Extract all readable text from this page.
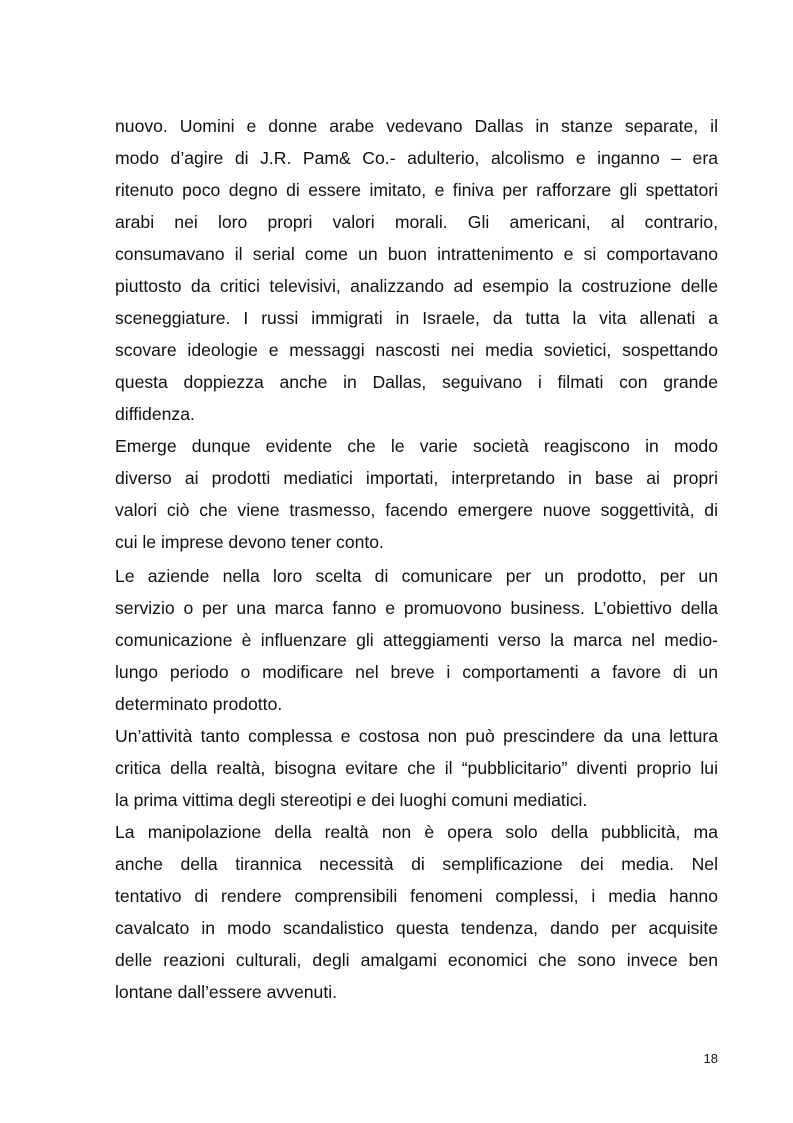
nuovo. Uomini e donne arabe vedevano Dallas in stanze separate, il
modo d’agire di J.R. Pam& Co.- adulterio, alcolismo e inganno – era
ritenuto poco degno di essere imitato, e finiva per rafforzare gli spettatori
arabi nei loro propri valori morali. Gli americani, al contrario,
consumavano il serial come un buon intrattenimento e si comportavano
piuttosto da critici televisivi, analizzando ad esempio la costruzione delle
sceneggiature. I russi immigrati in Israele, da tutta la vita allenati a
scovare ideologie e messaggi nascosti nei media sovietici, sospettando
questa doppiezza anche in Dallas, seguivano i filmati con grande
diffidenza.
Emerge dunque evidente che le varie società reagiscono in modo
diverso ai prodotti mediatici importati, interpretando in base ai propri
valori ciò che viene trasmesso, facendo emergere nuove soggettività, di
cui le imprese devono tener conto.
Le aziende nella loro scelta di comunicare per un prodotto, per un
servizio o per una marca fanno e promuovono business. L’obiettivo della
comunicazione è influenzare gli atteggiamenti verso la marca nel medio-
lungo periodo o modificare nel breve i comportamenti a favore di un
determinato prodotto.
Un’attività tanto complessa e costosa non può prescindere da una lettura
critica della realtà, bisogna evitare che il “pubblicitario” diventi proprio lui
la prima vittima degli stereotipi e dei luoghi comuni mediatici.
La manipolazione della realtà non è opera solo della pubblicità, ma
anche della tirannica necessità di semplificazione dei media. Nel
tentativo di rendere comprensibili fenomeni complessi, i media hanno
cavalcato in modo scandalistico questa tendenza, dando per acquisite
delle reazioni culturali, degli amalgami economici che sono invece ben
lontane dall’essere avvenuti.
18
